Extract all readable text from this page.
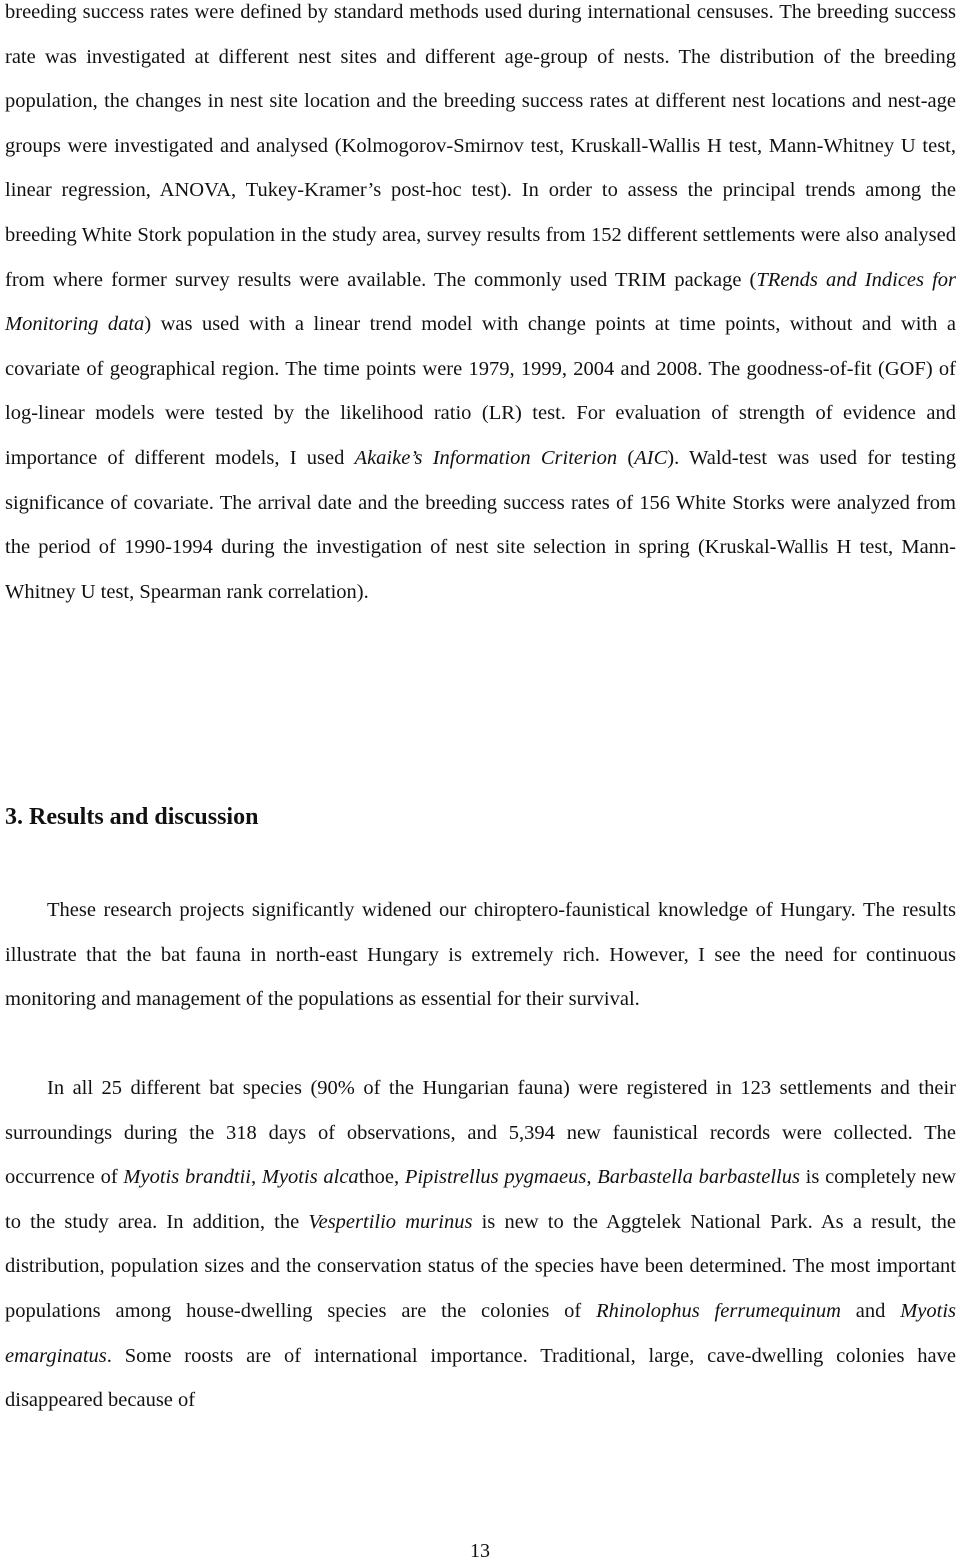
breeding success rates were defined by standard methods used during international censuses. The breeding success rate was investigated at different nest sites and different age-group of nests. The distribution of the breeding population, the changes in nest site location and the breeding success rates at different nest locations and nest-age groups were investigated and analysed (Kolmogorov-Smirnov test, Kruskall-Wallis H test, Mann-Whitney U test, linear regression, ANOVA, Tukey-Kramer’s post-hoc test). In order to assess the principal trends among the breeding White Stork population in the study area, survey results from 152 different settlements were also analysed from where former survey results were available. The commonly used TRIM package (TRends and Indices for Monitoring data) was used with a linear trend model with change points at time points, without and with a covariate of geographical region. The time points were 1979, 1999, 2004 and 2008. The goodness-of-fit (GOF) of log-linear models were tested by the likelihood ratio (LR) test. For evaluation of strength of evidence and importance of different models, I used Akaike’s Information Criterion (AIC). Wald-test was used for testing significance of covariate. The arrival date and the breeding success rates of 156 White Storks were analyzed from the period of 1990-1994 during the investigation of nest site selection in spring (Kruskal-Wallis H test, Mann-Whitney U test, Spearman rank correlation).

3. Results and discussion

These research projects significantly widened our chiroptero-faunistical knowledge of Hungary. The results illustrate that the bat fauna in north-east Hungary is extremely rich. However, I see the need for continuous monitoring and management of the populations as essential for their survival.

In all 25 different bat species (90% of the Hungarian fauna) were registered in 123 settlements and their surroundings during the 318 days of observations, and 5,394 new faunistical records were collected. The occurrence of Myotis brandtii, Myotis alcathoe, Pipistrellus pygmaeus, Barbastella barbastellus is completely new to the study area. In addition, the Vespertilio murinus is new to the Aggtelek National Park. As a result, the distribution, population sizes and the conservation status of the species have been determined. The most important populations among house-dwelling species are the colonies of Rhinolophus ferrumequinum and Myotis emarginatus. Some roosts are of international importance. Traditional, large, cave-dwelling colonies have disappeared because of

13
